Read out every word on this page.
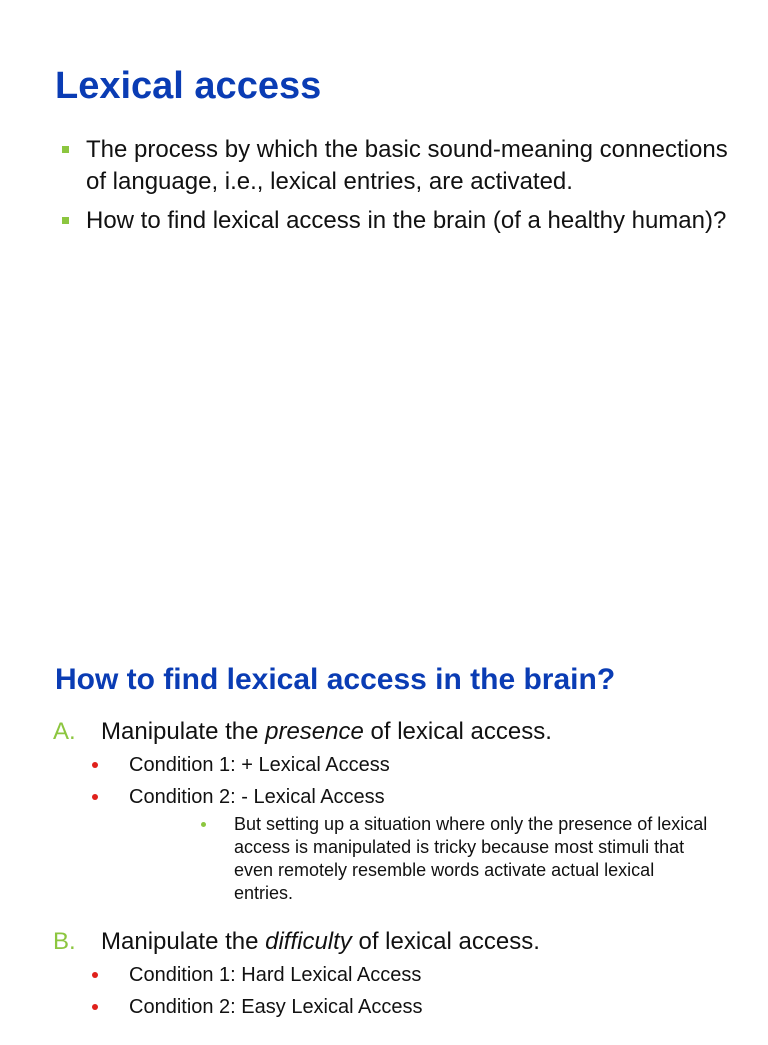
Lexical access
The process by which the basic sound-meaning connections of language, i.e., lexical entries, are activated.
How to find lexical access in the brain (of a healthy human)?
How to find lexical access in the brain?
A. Manipulate the presence of lexical access.
Condition 1: + Lexical Access
Condition 2: - Lexical Access
But setting up a situation where only the presence of lexical access is manipulated is tricky because most stimuli that even remotely resemble words activate actual lexical entries.
B. Manipulate the difficulty of lexical access.
Condition 1: Hard Lexical Access
Condition 2: Easy Lexical Access
